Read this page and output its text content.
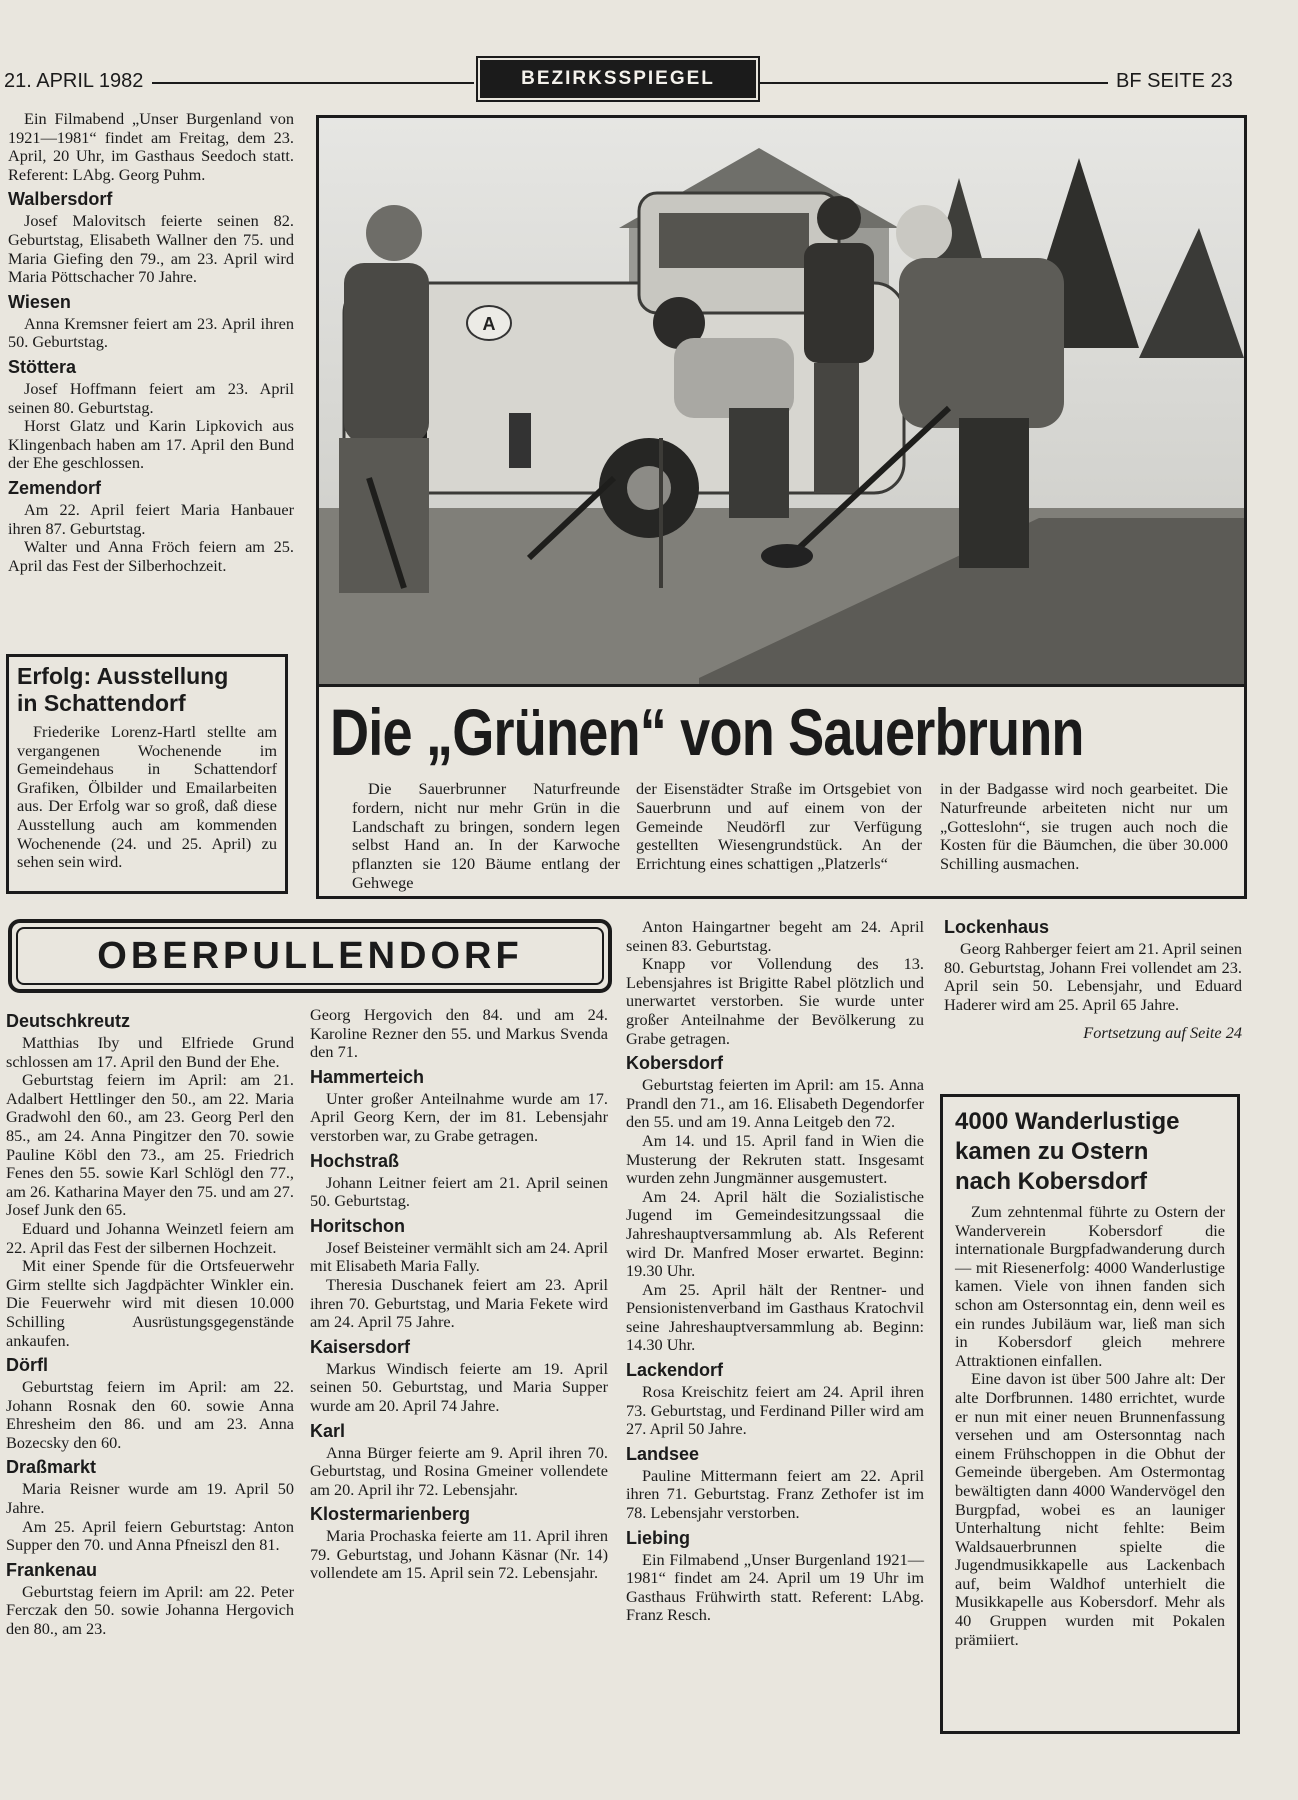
21. APRIL 1982	BEZIRKSSPIEGEL	BF SEITE 23

Ein Filmabend „Unser Burgenland von 1921—1981“ findet am Freitag, dem 23. April, 20 Uhr, im Gasthaus Seedoch statt. Referent: LAbg. Georg Puhm.

Walbersdorf

Josef Malovitsch feierte seinen 82. Geburtstag, Elisabeth Wallner den 75. und Maria Giefing den 79., am 23. April wird Maria Pöttschacher 70 Jahre.

Wiesen

Anna Kremsner feiert am 23. April ihren 50. Geburtstag.

Stöttera

Josef Hoffmann feiert am 23. April seinen 80. Geburtstag.

Horst Glatz und Karin Lipkovich aus Klingenbach haben am 17. April den Bund der Ehe geschlossen.

Zemendorf

Am 22. April feiert Maria Hanbauer ihren 87. Geburtstag.

Walter und Anna Fröch feiern am 25. April das Fest der Silberhochzeit.

Erfolg: Ausstellung
in Schattendorf

Friederike Lorenz-Hartl stellte am vergangenen Wochenende im Gemeindehaus in Schattendorf Grafiken, Ölbilder und Emailarbeiten aus. Der Erfolg war so groß, daß diese Ausstellung auch am kommenden Wochenende (24. und 25. April) zu sehen sein wird.

A
Die „Grünen“ von Sauerbrunn

Die Sauerbrunner Naturfreunde fordern, nicht nur mehr Grün in die Landschaft zu bringen, sondern legen selbst Hand an. In der Karwoche pflanzten sie 120 Bäume entlang der Gehwege

der Eisenstädter Straße im Ortsgebiet von Sauerbrunn und auf einem von der Gemeinde Neudörfl zur Verfügung gestellten Wiesengrundstück. An der Errichtung eines schattigen „Platzerls“

in der Badgasse wird noch gearbeitet. Die Naturfreunde arbeiteten nicht nur um „Gotteslohn“, sie trugen auch noch die Kosten für die Bäumchen, die über 30.000 Schilling ausmachen.

OBERPULLENDORF
Deutschkreutz

Matthias Iby und Elfriede Grund schlossen am 17. April den Bund der Ehe.

Geburtstag feiern im April: am 21. Adalbert Hettlinger den 50., am 22. Maria Gradwohl den 60., am 23. Georg Perl den 85., am 24. Anna Pingitzer den 70. sowie Pauline Köbl den 73., am 25. Friedrich Fenes den 55. sowie Karl Schlögl den 77., am 26. Katharina Mayer den 75. und am 27. Josef Junk den 65.

Eduard und Johanna Weinzetl feiern am 22. April das Fest der silbernen Hochzeit.

Mit einer Spende für die Ortsfeuerwehr Girm stellte sich Jagdpächter Winkler ein. Die Feuerwehr wird mit diesen 10.000 Schilling Ausrüstungsgegenstände ankaufen.

Dörfl

Geburtstag feiern im April: am 22. Johann Rosnak den 60. sowie Anna Ehresheim den 86. und am 23. Anna Bozecsky den 60.

Draßmarkt

Maria Reisner wurde am 19. April 50 Jahre.

Am 25. April feiern Geburtstag: Anton Supper den 70. und Anna Pfneiszl den 81.

Frankenau

Geburtstag feiern im April: am 22. Peter Ferczak den 50. sowie Johanna Hergovich den 80., am 23.

Georg Hergovich den 84. und am 24. Karoline Rezner den 55. und Markus Svenda den 71.

Hammerteich

Unter großer Anteilnahme wurde am 17. April Georg Kern, der im 81. Lebensjahr verstorben war, zu Grabe getragen.

Hochstraß

Johann Leitner feiert am 21. April seinen 50. Geburtstag.

Horitschon

Josef Beisteiner vermählt sich am 24. April mit Elisabeth Maria Fally.

Theresia Duschanek feiert am 23. April ihren 70. Geburtstag, und Maria Fekete wird am 24. April 75 Jahre.

Kaisersdorf

Markus Windisch feierte am 19. April seinen 50. Geburtstag, und Maria Supper wurde am 20. April 74 Jahre.

Karl

Anna Bürger feierte am 9. April ihren 70. Geburtstag, und Rosina Gmeiner vollendete am 20. April ihr 72. Lebensjahr.

Klostermarienberg

Maria Prochaska feierte am 11. April ihren 79. Geburtstag, und Johann Käsnar (Nr. 14) vollendete am 15. April sein 72. Lebensjahr.

Anton Haingartner begeht am 24. April seinen 83. Geburtstag.

Knapp vor Vollendung des 13. Lebensjahres ist Brigitte Rabel plötzlich und unerwartet verstorben. Sie wurde unter großer Anteilnahme der Bevölkerung zu Grabe getragen.

Kobersdorf

Geburtstag feierten im April: am 15. Anna Prandl den 71., am 16. Elisabeth Degendorfer den 55. und am 19. Anna Leitgeb den 72.

Am 14. und 15. April fand in Wien die Musterung der Rekruten statt. Insgesamt wurden zehn Jungmänner ausgemustert.

Am 24. April hält die Sozialistische Jugend im Gemeindesitzungssaal die Jahreshauptversammlung ab. Als Referent wird Dr. Manfred Moser erwartet. Beginn: 19.30 Uhr.

Am 25. April hält der Rentner- und Pensionistenverband im Gasthaus Kratochvil seine Jahreshauptversammlung ab. Beginn: 14.30 Uhr.

Lackendorf

Rosa Kreischitz feiert am 24. April ihren 73. Geburtstag, und Ferdinand Piller wird am 27. April 50 Jahre.

Landsee

Pauline Mittermann feiert am 22. April ihren 71. Geburtstag. Franz Zethofer ist im 78. Lebensjahr verstorben.

Liebing

Ein Filmabend „Unser Burgenland 1921—1981“ findet am 24. April um 19 Uhr im Gasthaus Frühwirth statt. Referent: LAbg. Franz Resch.

Lockenhaus

Georg Rahberger feiert am 21. April seinen 80. Geburtstag, Johann Frei vollendet am 23. April sein 50. Lebensjahr, und Eduard Haderer wird am 25. April 65 Jahre.

Fortsetzung auf Seite 24

4000 Wanderlustige
kamen zu Ostern
nach Kobersdorf

Zum zehntenmal führte zu Ostern der Wanderverein Kobersdorf die internationale Burgpfadwanderung durch — mit Riesenerfolg: 4000 Wanderlustige kamen. Viele von ihnen fanden sich schon am Ostersonntag ein, denn weil es ein rundes Jubiläum war, ließ man sich in Kobersdorf gleich mehrere Attraktionen einfallen.

Eine davon ist über 500 Jahre alt: Der alte Dorfbrunnen. 1480 errichtet, wurde er nun mit einer neuen Brunnenfassung versehen und am Ostersonntag nach einem Frühschoppen in die Obhut der Gemeinde übergeben. Am Ostermontag bewältigten dann 4000 Wandervögel den Burgpfad, wobei es an launiger Unterhaltung nicht fehlte: Beim Waldsauerbrunnen spielte die Jugendmusikkapelle aus Lackenbach auf, beim Waldhof unterhielt die Musikkapelle aus Kobersdorf. Mehr als 40 Gruppen wurden mit Pokalen prämiiert.
